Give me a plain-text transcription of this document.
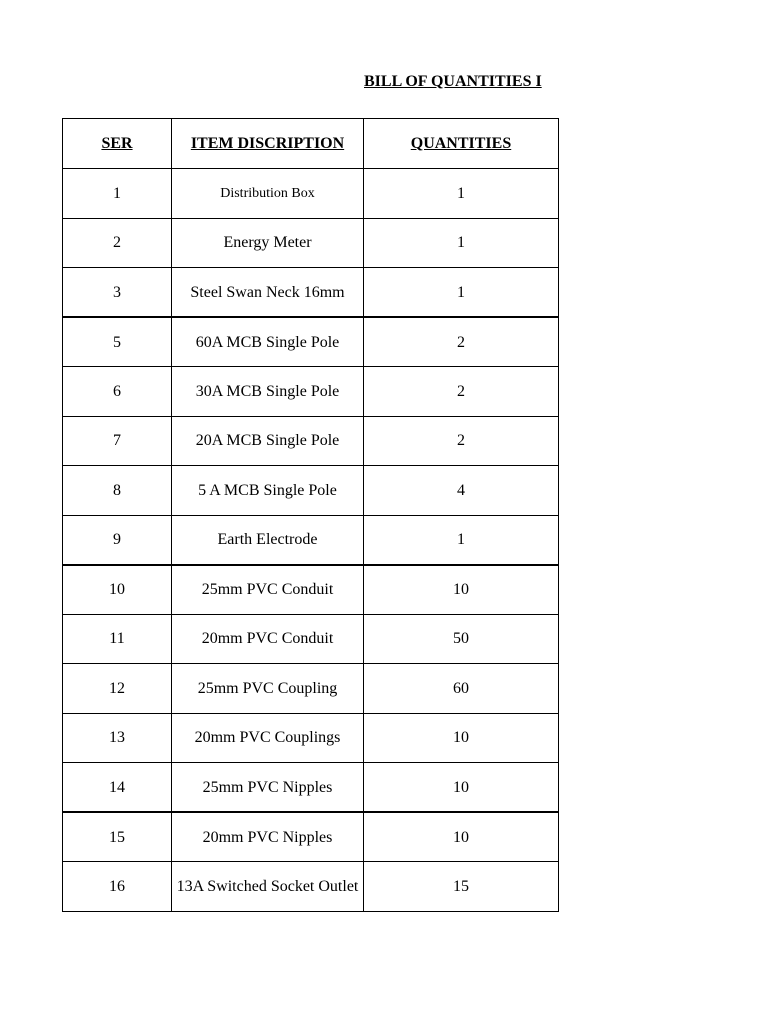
BILL OF QUANTITIES I
SER	ITEM DISCRIPTION	QUANTITIES
1	Distribution Box	1
2	Energy Meter	1
3	Steel Swan Neck 16mm	1
5	60A MCB Single Pole	2
6	30A MCB Single Pole	2
7	20A MCB Single Pole	2
8	5 A MCB Single Pole	4
9	Earth Electrode	1
10	25mm PVC Conduit	10
11	20mm PVC Conduit	50
12	25mm PVC Coupling	60
13	20mm PVC Couplings	10
14	25mm PVC Nipples	10
15	20mm PVC Nipples	10
16	13A Switched Socket Outlet	15
